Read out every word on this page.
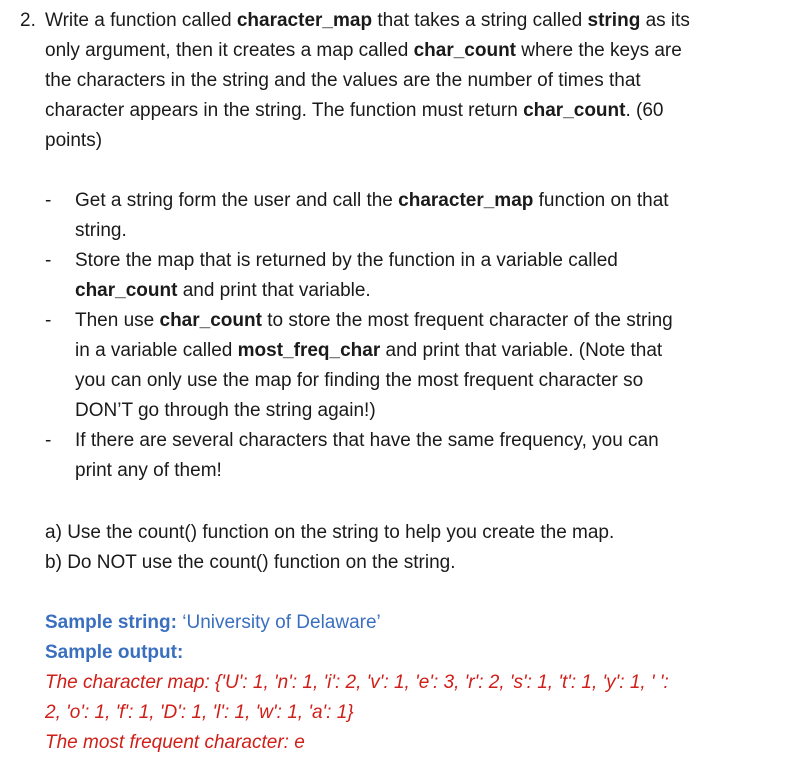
2. Write a function called character_map that takes a string called string as its
only argument, then it creates a map called char_count where the keys are
the characters in the string and the values are the number of times that
character appears in the string. The function must return char_count. (60
points)
- Get a string form the user and call the character_map function on that
string.
- Store the map that is returned by the function in a variable called
char_count and print that variable.
- Then use char_count to store the most frequent character of the string
in a variable called most_freq_char and print that variable. (Note that
you can only use the map for finding the most frequent character so
DON’T go through the string again!)
- If there are several characters that have the same frequency, you can
print any of them!
a) Use the count() function on the string to help you create the map.
b) Do NOT use the count() function on the string.
Sample string: ‘University of Delaware’
Sample output:
The character map: {'U': 1, 'n': 1, 'i': 2, 'v': 1, 'e': 3, 'r': 2, 's': 1, 't': 1, 'y': 1, ' ':
2, 'o': 1, 'f': 1, 'D': 1, 'l': 1, 'w': 1, 'a': 1}
The most frequent character: e
